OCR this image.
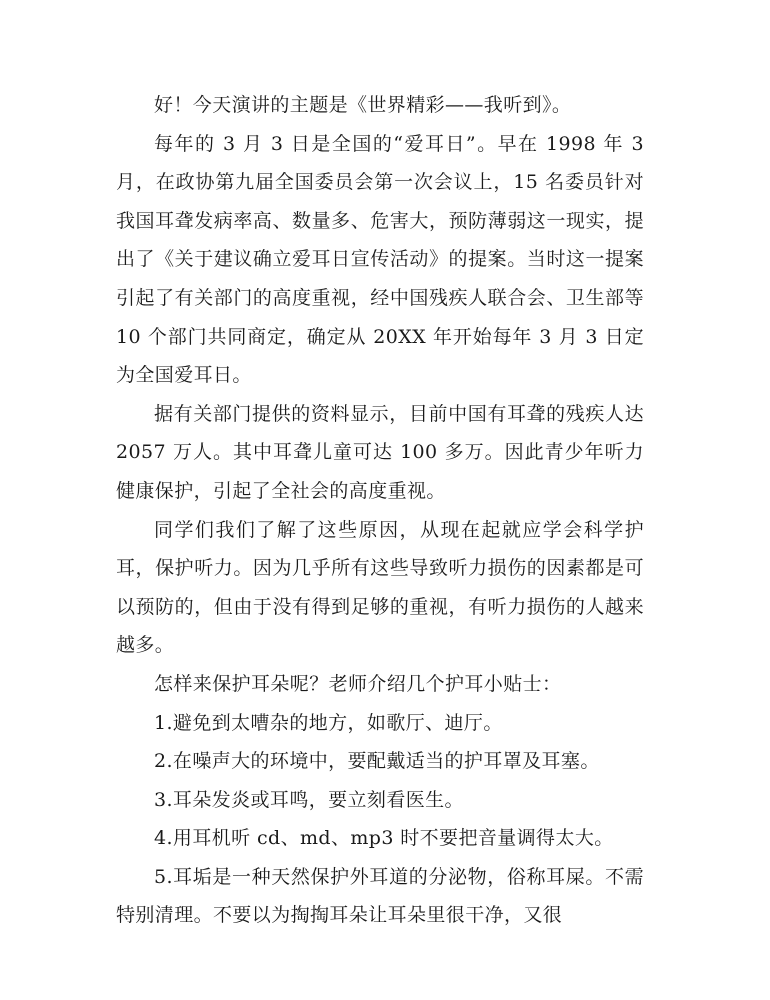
好！今天演讲的主题是《世界精彩——我听到》。

每年的 3 月 3 日是全国的“爱耳日”。早在 1998 年 3 月，在政协第九届全国委员会第一次会议上，15 名委员针对我国耳聋发病率高、数量多、危害大，预防薄弱这一现实，提出了《关于建议确立爱耳日宣传活动》的提案。当时这一提案引起了有关部门的高度重视，经中国残疾人联合会、卫生部等 10 个部门共同商定，确定从 20XX 年开始每年 3 月 3 日定为全国爱耳日。

据有关部门提供的资料显示，目前中国有耳聋的残疾人达 2057 万人。其中耳聋儿童可达 100 多万。因此青少年听力健康保护，引起了全社会的高度重视。

同学们我们了解了这些原因，从现在起就应学会科学护耳，保护听力。因为几乎所有这些导致听力损伤的因素都是可以预防的，但由于没有得到足够的重视，有听力损伤的人越来越多。

怎样来保护耳朵呢？老师介绍几个护耳小贴士：

1.避免到太嘈杂的地方，如歌厅、迪厅。

2.在噪声大的环境中，要配戴适当的护耳罩及耳塞。

3.耳朵发炎或耳鸣，要立刻看医生。

4.用耳机听 cd、md、mp3 时不要把音量调得太大。

5.耳垢是一种天然保护外耳道的分泌物，俗称耳屎。不需特别清理。不要以为掏掏耳朵让耳朵里很干净，又很
